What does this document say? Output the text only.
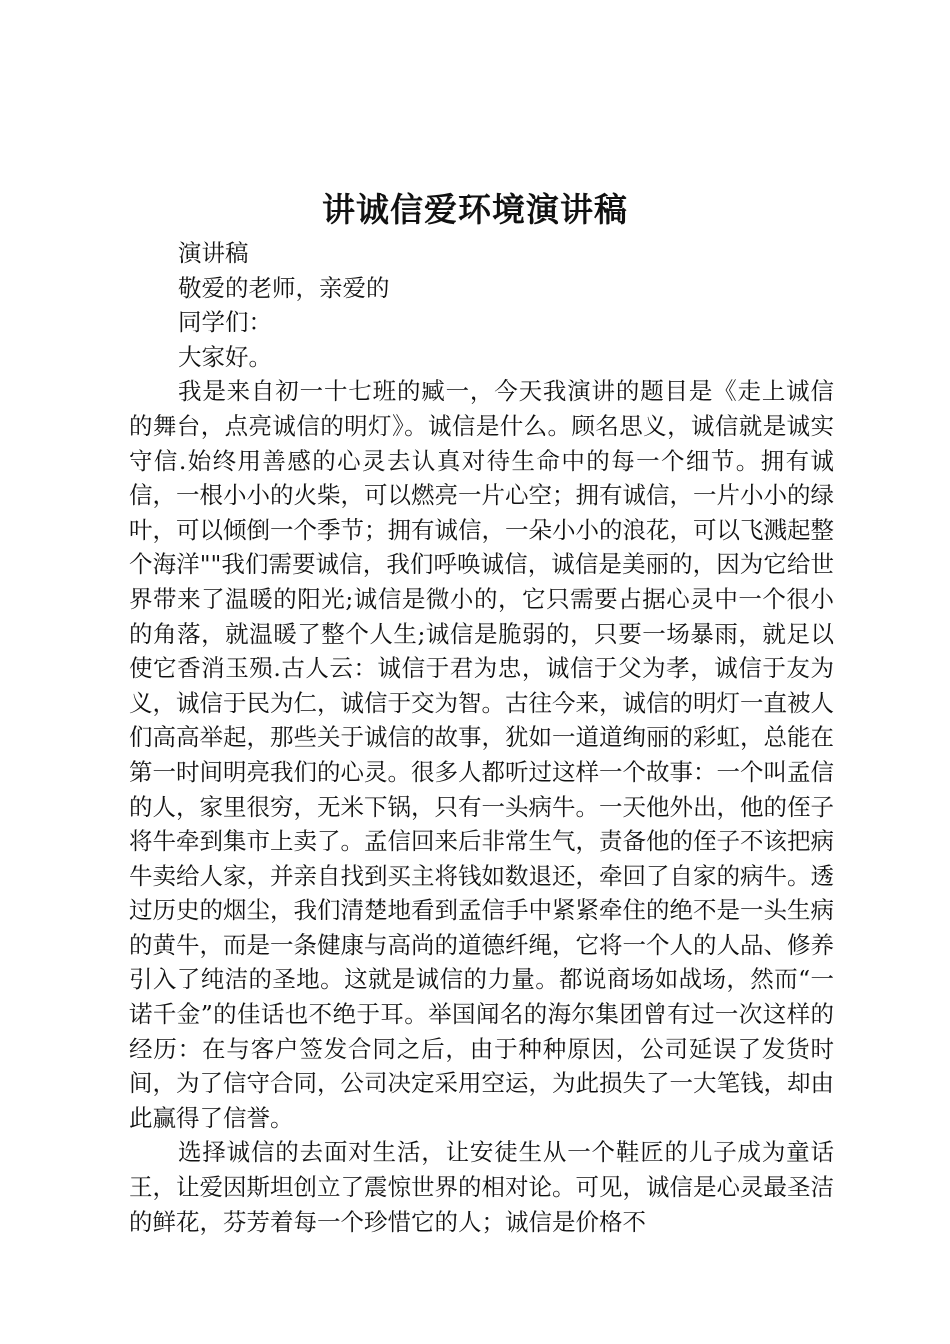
讲诚信爱环境演讲稿

演讲稿

敬爱的老师，亲爱的

同学们：

大家好。

我是来自初一十七班的臧一，今天我演讲的题目是《走上诚信的舞台，点亮诚信的明灯》。诚信是什么。顾名思义，诚信就是诚实守信.始终用善感的心灵去认真对待生命中的每一个细节。拥有诚信，一根小小的火柴，可以燃亮一片心空；拥有诚信，一片小小的绿叶，可以倾倒一个季节；拥有诚信，一朵小小的浪花，可以飞溅起整个海洋""我们需要诚信，我们呼唤诚信，诚信是美丽的，因为它给世界带来了温暖的阳光;诚信是微小的，它只需要占据心灵中一个很小的角落，就温暖了整个人生;诚信是脆弱的，只要一场暴雨，就足以使它香消玉殒.古人云：诚信于君为忠，诚信于父为孝，诚信于友为义，诚信于民为仁，诚信于交为智。古往今来，诚信的明灯一直被人们高高举起，那些关于诚信的故事，犹如一道道绚丽的彩虹，总能在第一时间明亮我们的心灵。很多人都听过这样一个故事：一个叫孟信的人，家里很穷，无米下锅，只有一头病牛。一天他外出，他的侄子将牛牵到集市上卖了。孟信回来后非常生气，责备他的侄子不该把病牛卖给人家，并亲自找到买主将钱如数退还，牵回了自家的病牛。透过历史的烟尘，我们清楚地看到孟信手中紧紧牵住的绝不是一头生病的黄牛，而是一条健康与高尚的道德纤绳，它将一个人的人品、修养引入了纯洁的圣地。这就是诚信的力量。都说商场如战场，然而“一诺千金”的佳话也不绝于耳。举国闻名的海尔集团曾有过一次这样的经历：在与客户签发合同之后，由于种种原因，公司延误了发货时间，为了信守合同，公司决定采用空运，为此损失了一大笔钱，却由此赢得了信誉。

选择诚信的去面对生活，让安徒生从一个鞋匠的儿子成为童话王，让爱因斯坦创立了震惊世界的相对论。可见，诚信是心灵最圣洁的鲜花，芬芳着每一个珍惜它的人；诚信是价格不
